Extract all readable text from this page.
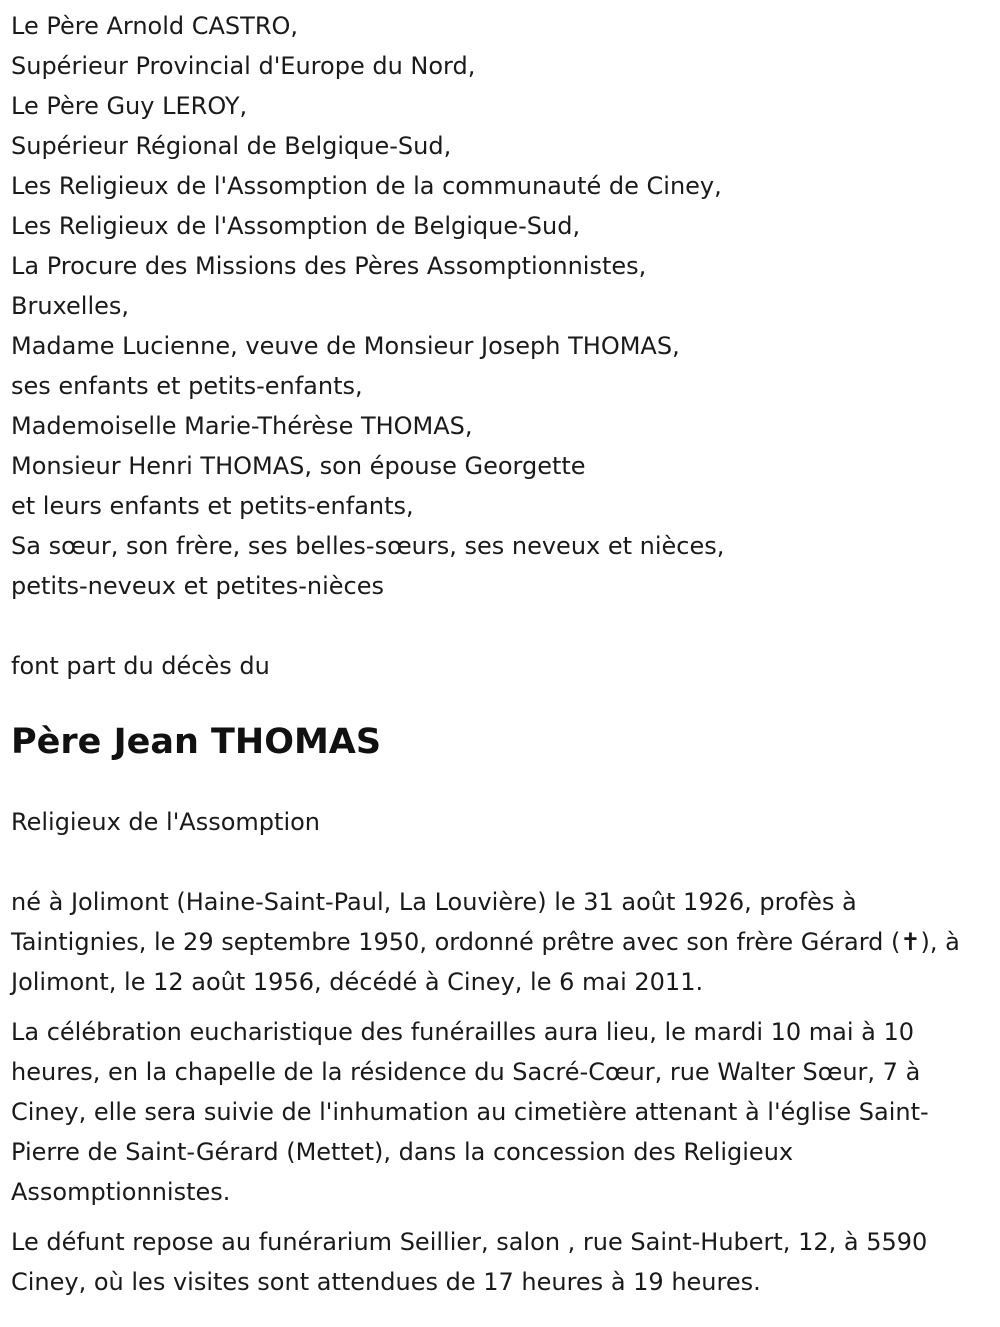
Le Père Arnold CASTRO,
Supérieur Provincial d'Europe du Nord,
Le Père Guy LEROY,
Supérieur Régional de Belgique-Sud,
Les Religieux de l'Assomption de la communauté de Ciney,
Les Religieux de l'Assomption de Belgique-Sud,
La Procure des Missions des Pères Assomptionnistes,
Bruxelles,
Madame Lucienne, veuve de Monsieur Joseph THOMAS,
ses enfants et petits-enfants,
Mademoiselle Marie-Thérèse THOMAS,
Monsieur Henri THOMAS, son épouse Georgette
et leurs enfants et petits-enfants,
Sa sœur, son frère, ses belles-sœurs, ses neveux et nièces,
petits-neveux et petites-nièces
font part du décès du
Père Jean THOMAS
Religieux de l'Assomption

né à Jolimont (Haine-Saint-Paul, La Louvière) le 31 août 1926, profès à Taintignies, le 29 septembre 1950, ordonné prêtre avec son frère Gérard (✝), à Jolimont, le 12 août 1956, décédé à Ciney, le 6 mai 2011.

La célébration eucharistique des funérailles aura lieu, le mardi 10 mai à 10 heures, en la chapelle de la résidence du Sacré-Cœur, rue Walter Sœur, 7 à Ciney, elle sera suivie de l'inhumation au cimetière attenant à l'église Saint-Pierre de Saint-Gérard (Mettet), dans la concession des Religieux Assomptionnistes.

Le défunt repose au funérarium Seillier, salon , rue Saint-Hubert, 12, à 5590 Ciney, où les visites sont attendues de 17 heures à 19 heures.
